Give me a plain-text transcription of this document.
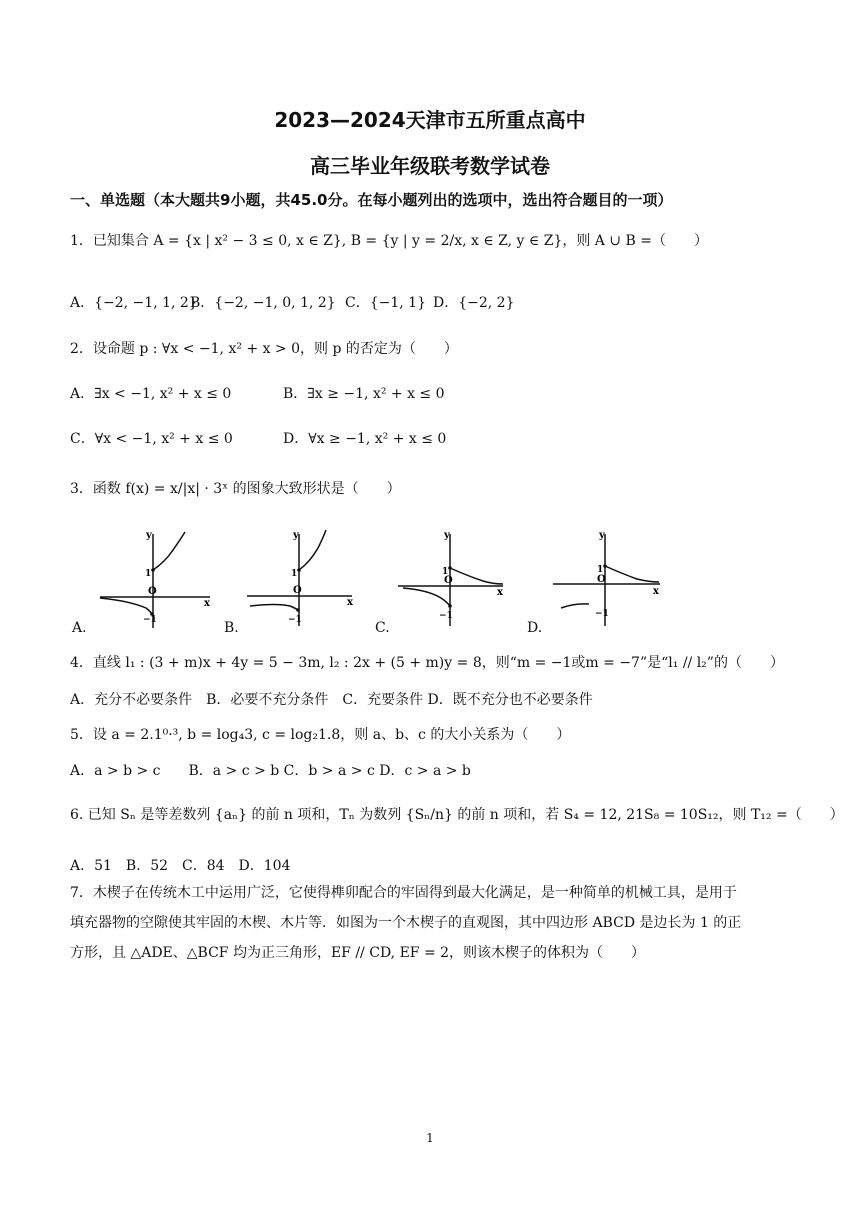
2023—2024天津市五所重点高中
高三毕业年级联考数学试卷
一、单选题（本大题共9小题，共45.0分。在每小题列出的选项中，选出符合题目的一项）
1．已知集合 A = {x | x² − 3 ≤ 0, x ∈ Z}, B = {y | y = 2/x, x ∈ Z, y ∈ Z}，则 A ∪ B =（　　）
A．{−2, −1, 1, 2}
B．{−2, −1, 0, 1, 2} C．{−1, 1} D．{−2, 2}
2．设命题 p : ∀x < −1, x² + x > 0，则 p 的否定为（　　）
A．∃x < −1, x² + x ≤ 0	B．∃x ≥ −1, x² + x ≤ 0
C．∀x < −1, x² + x ≤ 0	D．∀x ≥ −1, x² + x ≤ 0
3．函数 f(x) = x/|x| · 3ˣ 的图象大致形状是（　　）
A.
y
x
O
1
−1	B.
y
x
O
1
−1	C.
y
x
O
1
−1
D.
y
x
O
1
−1
4．直线 l₁ : (3 + m)x + 4y = 5 − 3m, l₂ : 2x + (5 + m)y = 8，则“m = −1或m = −7”是“l₁ // l₂”的（　　）
A．充分不必要条件　B．必要不充分条件　C．充要条件 D．既不充分也不必要条件
5．设 a = 2.1⁰·³, b = log₄3, c = log₂1.8，则 a、b、c 的大小关系为（　　）
A．a > b > c　　B．a > c > b C．b > a > c D．c > a > b
6. 已知 Sₙ 是等差数列 {aₙ} 的前 n 项和，Tₙ 为数列 {Sₙ/n} 的前 n 项和，若 S₄ = 12, 21S₈ = 10S₁₂，则 T₁₂ =（　　）
A．51　B．52　C．84　D．104
7．木楔子在传统木工中运用广泛，它使得榫卯配合的牢固得到最大化满足，是一种简单的机械工具，是用于
填充器物的空隙使其牢固的木楔、木片等．如图为一个木楔子的直观图，其中四边形 ABCD 是边长为 1 的正
方形，且 △ADE、△BCF 均为正三角形，EF // CD, EF = 2，则该木楔子的体积为（　　）
1
